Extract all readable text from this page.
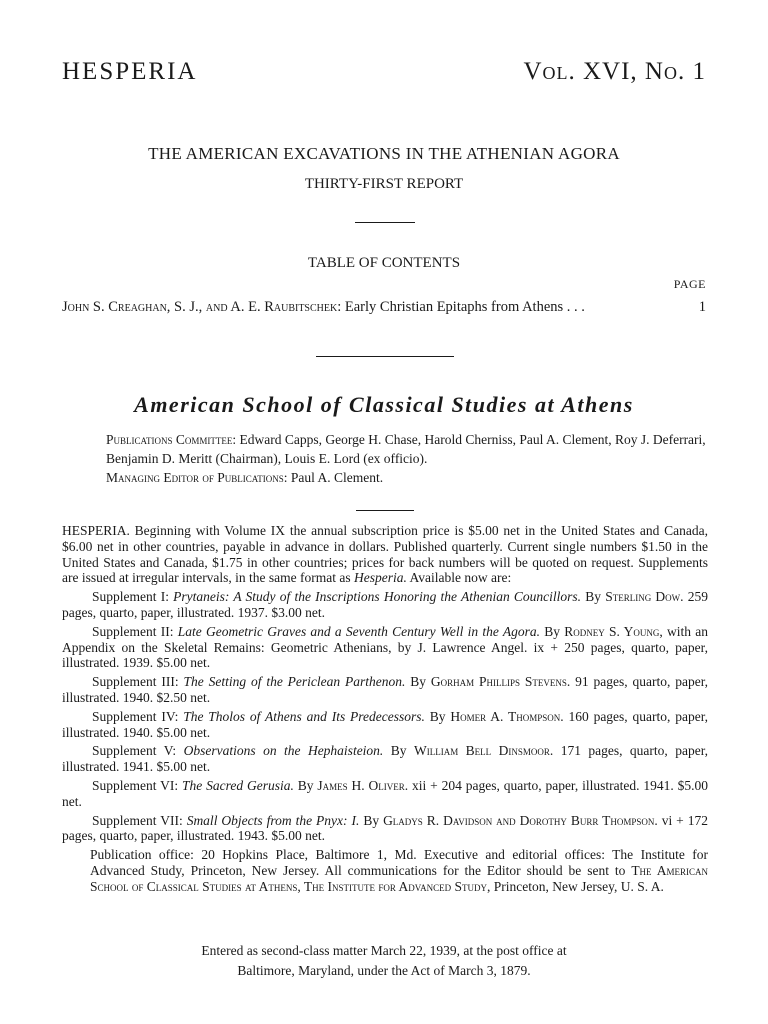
HESPERIA	Vol. XVI, No. 1
THE AMERICAN EXCAVATIONS IN THE ATHENIAN AGORA
THIRTY-FIRST REPORT
TABLE OF CONTENTS
PAGE
John S. Creaghan, S. J., and A. E. Raubitschek: Early Christian Epitaphs from Athens . . .	1
American School of Classical Studies at Athens
Publications Committee: Edward Capps, George H. Chase, Harold Cherniss, Paul A. Clement, Roy J. Deferrari, Benjamin D. Meritt (Chairman), Louis E. Lord (ex officio).
Managing Editor of Publications: Paul A. Clement.
HESPERIA. Beginning with Volume IX the annual subscription price is $5.00 net in the United States and Canada, $6.00 net in other countries, payable in advance in dollars. Published quarterly. Current single numbers $1.50 in the United States and Canada, $1.75 in other countries; prices for back numbers will be quoted on request. Supplements are issued at irregular intervals, in the same format as Hesperia. Available now are:
Supplement I: Prytaneis: A Study of the Inscriptions Honoring the Athenian Councillors. By Sterling Dow. 259 pages, quarto, paper, illustrated. 1937. $3.00 net.
Supplement II: Late Geometric Graves and a Seventh Century Well in the Agora. By Rodney S. Young, with an Appendix on the Skeletal Remains: Geometric Athenians, by J. Lawrence Angel. ix + 250 pages, quarto, paper, illustrated. 1939. $5.00 net.
Supplement III: The Setting of the Periclean Parthenon. By Gorham Phillips Stevens. 91 pages, quarto, paper, illustrated. 1940. $2.50 net.
Supplement IV: The Tholos of Athens and Its Predecessors. By Homer A. Thompson. 160 pages, quarto, paper, illustrated. 1940. $5.00 net.
Supplement V: Observations on the Hephaisteion. By William Bell Dinsmoor. 171 pages, quarto, paper, illustrated. 1941. $5.00 net.
Supplement VI: The Sacred Gerusia. By James H. Oliver. xii + 204 pages, quarto, paper, illustrated. 1941. $5.00 net.
Supplement VII: Small Objects from the Pnyx: I. By Gladys R. Davidson and Dorothy Burr Thompson. vi + 172 pages, quarto, paper, illustrated. 1943. $5.00 net.
Publication office: 20 Hopkins Place, Baltimore 1, Md. Executive and editorial offices: The Institute for Advanced Study, Princeton, New Jersey. All communications for the Editor should be sent to The American School of Classical Studies at Athens, The Institute for Advanced Study, Princeton, New Jersey, U. S. A.
Entered as second-class matter March 22, 1939, at the post office at
Baltimore, Maryland, under the Act of March 3, 1879.
